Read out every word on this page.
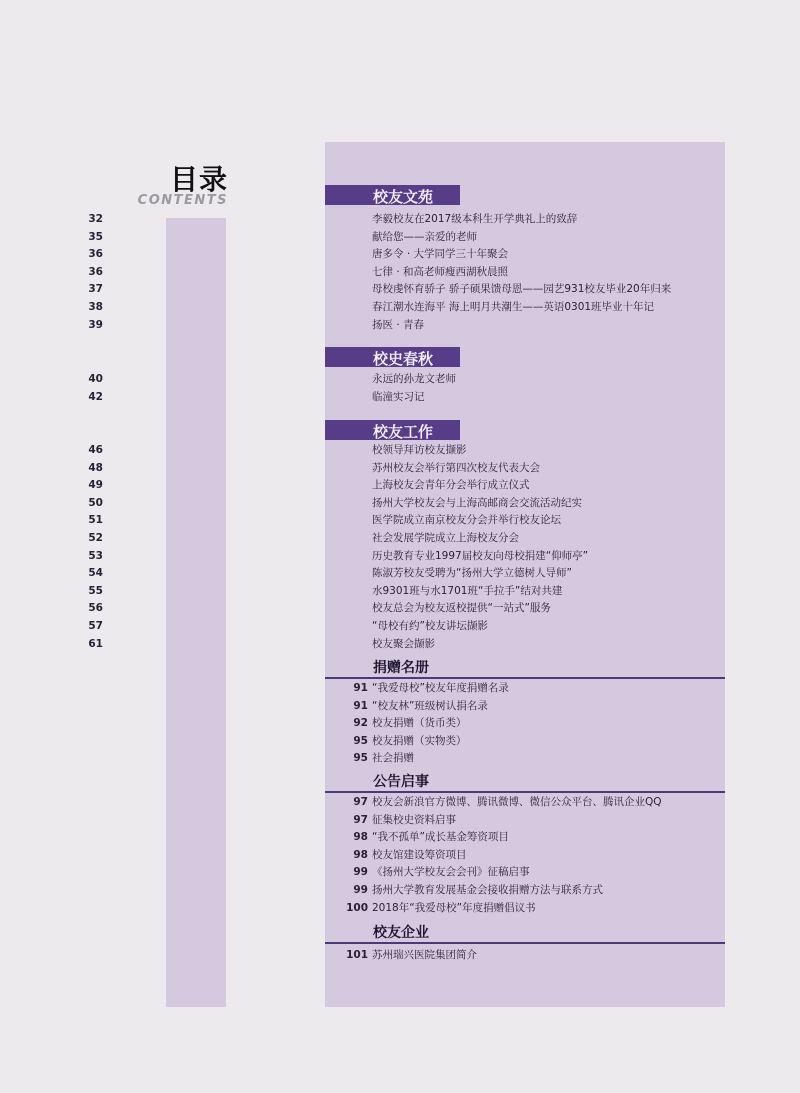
目录
CONTENTS	校友文苑
32	李毅校友在2017级本科生开学典礼上的致辞
35	献给您——亲爱的老师
36	唐多令 · 大学同学三十年聚会
36	七律 · 和高老师瘦西湖秋晨照
37	母校虔怀育骄子 骄子硕果馈母恩——园艺931校友毕业20年归来
38	春江潮水连海平 海上明月共潮生——英语0301班毕业十年记
39	扬医 · 青春
校史春秋
40	永远的孙龙文老师
42	临潼实习记
校友工作
46	校领导拜访校友撷影
48	苏州校友会举行第四次校友代表大会
49	上海校友会青年分会举行成立仪式
50	扬州大学校友会与上海高邮商会交流活动纪实
51	医学院成立南京校友分会并举行校友论坛
52	社会发展学院成立上海校友分会
53	历史教育专业1997届校友向母校捐建“仰师亭”
54	陈淑芳校友受聘为“扬州大学立德树人导师”
55	水9301班与水1701班“手拉手”结对共建
56	校友总会为校友返校提供“一站式”服务
57	“母校有约”校友讲坛撷影
61	校友聚会撷影
捐赠名册
91 “我爱母校”校友年度捐赠名录
91 “校友林”班级树认捐名录
92 校友捐赠（货币类）
95 校友捐赠（实物类）
95 社会捐赠
公告启事
97 校友会新浪官方微博、腾讯微博、微信公众平台、腾讯企业QQ
97 征集校史资料启事
98 “我不孤单”成长基金筹资项目
98 校友馆建设筹资项目
99 《扬州大学校友会会刊》征稿启事
99 扬州大学教育发展基金会接收捐赠方法与联系方式
100 2018年“我爱母校”年度捐赠倡议书
校友企业
101 苏州瑞兴医院集团简介
